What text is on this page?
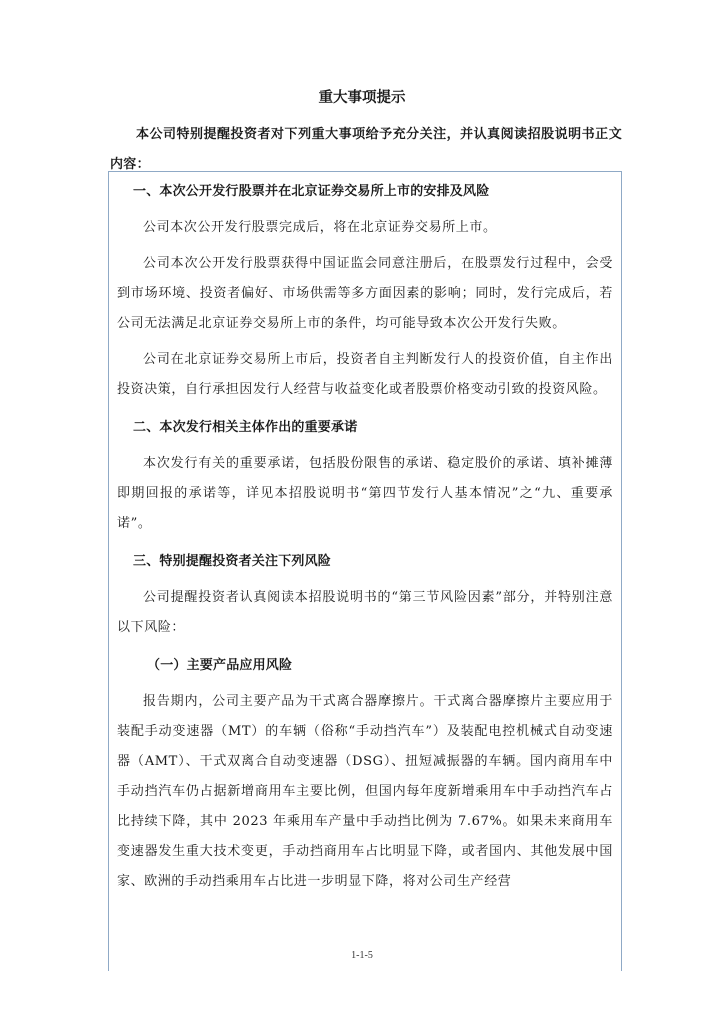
重大事项提示
本公司特别提醒投资者对下列重大事项给予充分关注，并认真阅读招股说明书正文内容：
一、本次公开发行股票并在北京证券交易所上市的安排及风险
公司本次公开发行股票完成后，将在北京证券交易所上市。
公司本次公开发行股票获得中国证监会同意注册后，在股票发行过程中，会受到市场环境、投资者偏好、市场供需等多方面因素的影响；同时，发行完成后，若公司无法满足北京证券交易所上市的条件，均可能导致本次公开发行失败。
公司在北京证券交易所上市后，投资者自主判断发行人的投资价值，自主作出投资决策，自行承担因发行人经营与收益变化或者股票价格变动引致的投资风险。
二、本次发行相关主体作出的重要承诺
本次发行有关的重要承诺，包括股份限售的承诺、稳定股价的承诺、填补摊薄即期回报的承诺等，详见本招股说明书“第四节发行人基本情况”之“九、重要承诺”。
三、特别提醒投资者关注下列风险
公司提醒投资者认真阅读本招股说明书的“第三节风险因素”部分，并特别注意以下风险：
（一）主要产品应用风险
报告期内，公司主要产品为干式离合器摩擦片。干式离合器摩擦片主要应用于装配手动变速器（MT）的车辆（俗称“手动挡汽车”）及装配电控机械式自动变速器（AMT）、干式双离合自动变速器（DSG）、扭短减振器的车辆。国内商用车中手动挡汽车仍占据新增商用车主要比例，但国内每年度新增乘用车中手动挡汽车占比持续下降，其中 2023 年乘用车产量中手动挡比例为 7.67%。如果未来商用车变速器发生重大技术变更，手动挡商用车占比明显下降，或者国内、其他发展中国家、欧洲的手动挡乘用车占比进一步明显下降，将对公司生产经营
1-1-5
